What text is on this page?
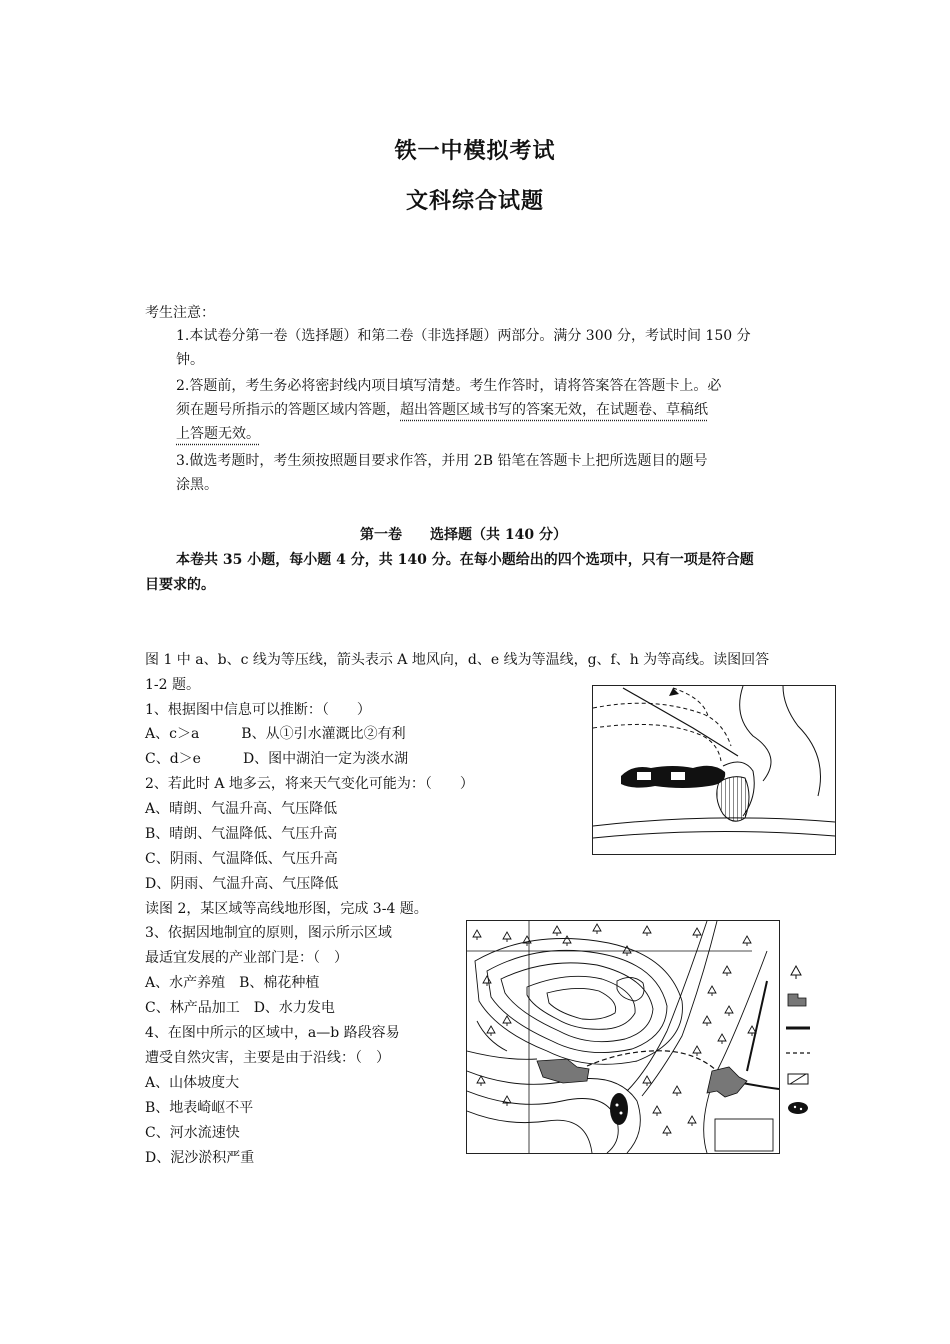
铁一中模拟考试
文科综合试题
考生注意：
1.本试卷分第一卷（选择题）和第二卷（非选择题）两部分。满分 300 分，考试时间 150 分
钟。
2.答题前，考生务必将密封线内项目填写清楚。考生作答时，请将答案答在答题卡上。必
须在题号所指示的答题区域内答题，超出答题区域书写的答案无效，在试题卷、草稿纸
上答题无效。
3.做选考题时，考生须按照题目要求作答，并用 2B 铅笔在答题卡上把所选题目的题号
涂黑。
第一卷　　选择题（共 140 分）
本卷共 35 小题，每小题 4 分，共 140 分。在每小题给出的四个选项中，只有一项是符合题
目要求的。
图 1 中 a、b、c 线为等压线，箭头表示 A 地风向，d、e 线为等温线，g、f、h 为等高线。读图回答
1-2 题。
1、根据图中信息可以推断：（　　）
A、c＞a　　　B、从①引水灌溉比②有利
C、d＞e　　　D、图中湖泊一定为淡水湖
2、若此时 A 地多云，将来天气变化可能为：（　　）
A、晴朗、气温升高、气压降低
B、晴朗、气温降低、气压升高
C、阴雨、气温降低、气压升高
D、阴雨、气温升高、气压降低
读图 2，某区域等高线地形图，完成 3-4 题。
3、依据因地制宜的原则，图示所示区域
最适宜发展的产业部门是：（　）
A、水产养殖　B、棉花种植
C、林产品加工　D、水力发电
4、在图中所示的区域中，a—b 路段容易
遭受自然灾害，主要是由于沿线：（　）
A、山体坡度大
B、地表崎岖不平
C、河水流速快
D、泥沙淤积严重
